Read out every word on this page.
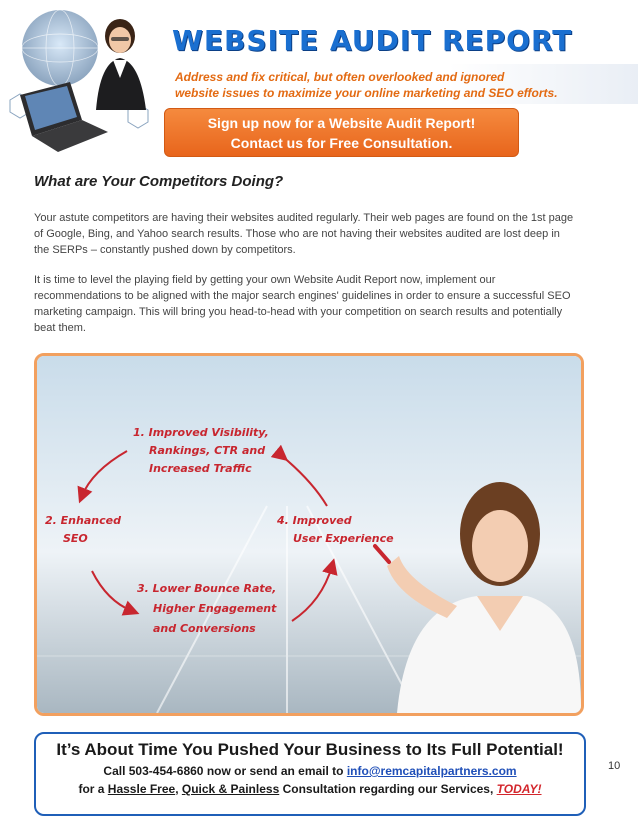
WEBSITE AUDIT REPORT

Address and fix critical, but often overlooked and ignored
website issues to maximize your online marketing and SEO efforts.

Sign up now for a Website Audit Report!
Contact us for Free Consultation.
What are Your Competitors Doing?

Your astute competitors are having their websites audited regularly. Their web pages are found on the 1st page of Google, Bing, and Yahoo search results. Those who are not having their websites audited are lost deep in the SERPs – constantly pushed down by competitors.

It is time to level the playing field by getting your own Website Audit Report now, implement our recommendations to be aligned with the major search engines' guidelines in order to ensure a successful SEO marketing campaign. This will bring you head-to-head with your competition on search results and potentially beat them.

1. Improved Visibility,
Rankings, CTR and
Increased Traffic
2. Enhanced
SEO
4. Improved
User Experience
3. Lower Bounce Rate,
Higher Engagement
and Conversions

It’s About Time You Pushed Your Business to Its Full Potential!

Call 503-454-6860 now or send an email to info@remcapitalpartners.com

for a Hassle Free, Quick & Painless Consultation regarding our Services, TODAY!

10
